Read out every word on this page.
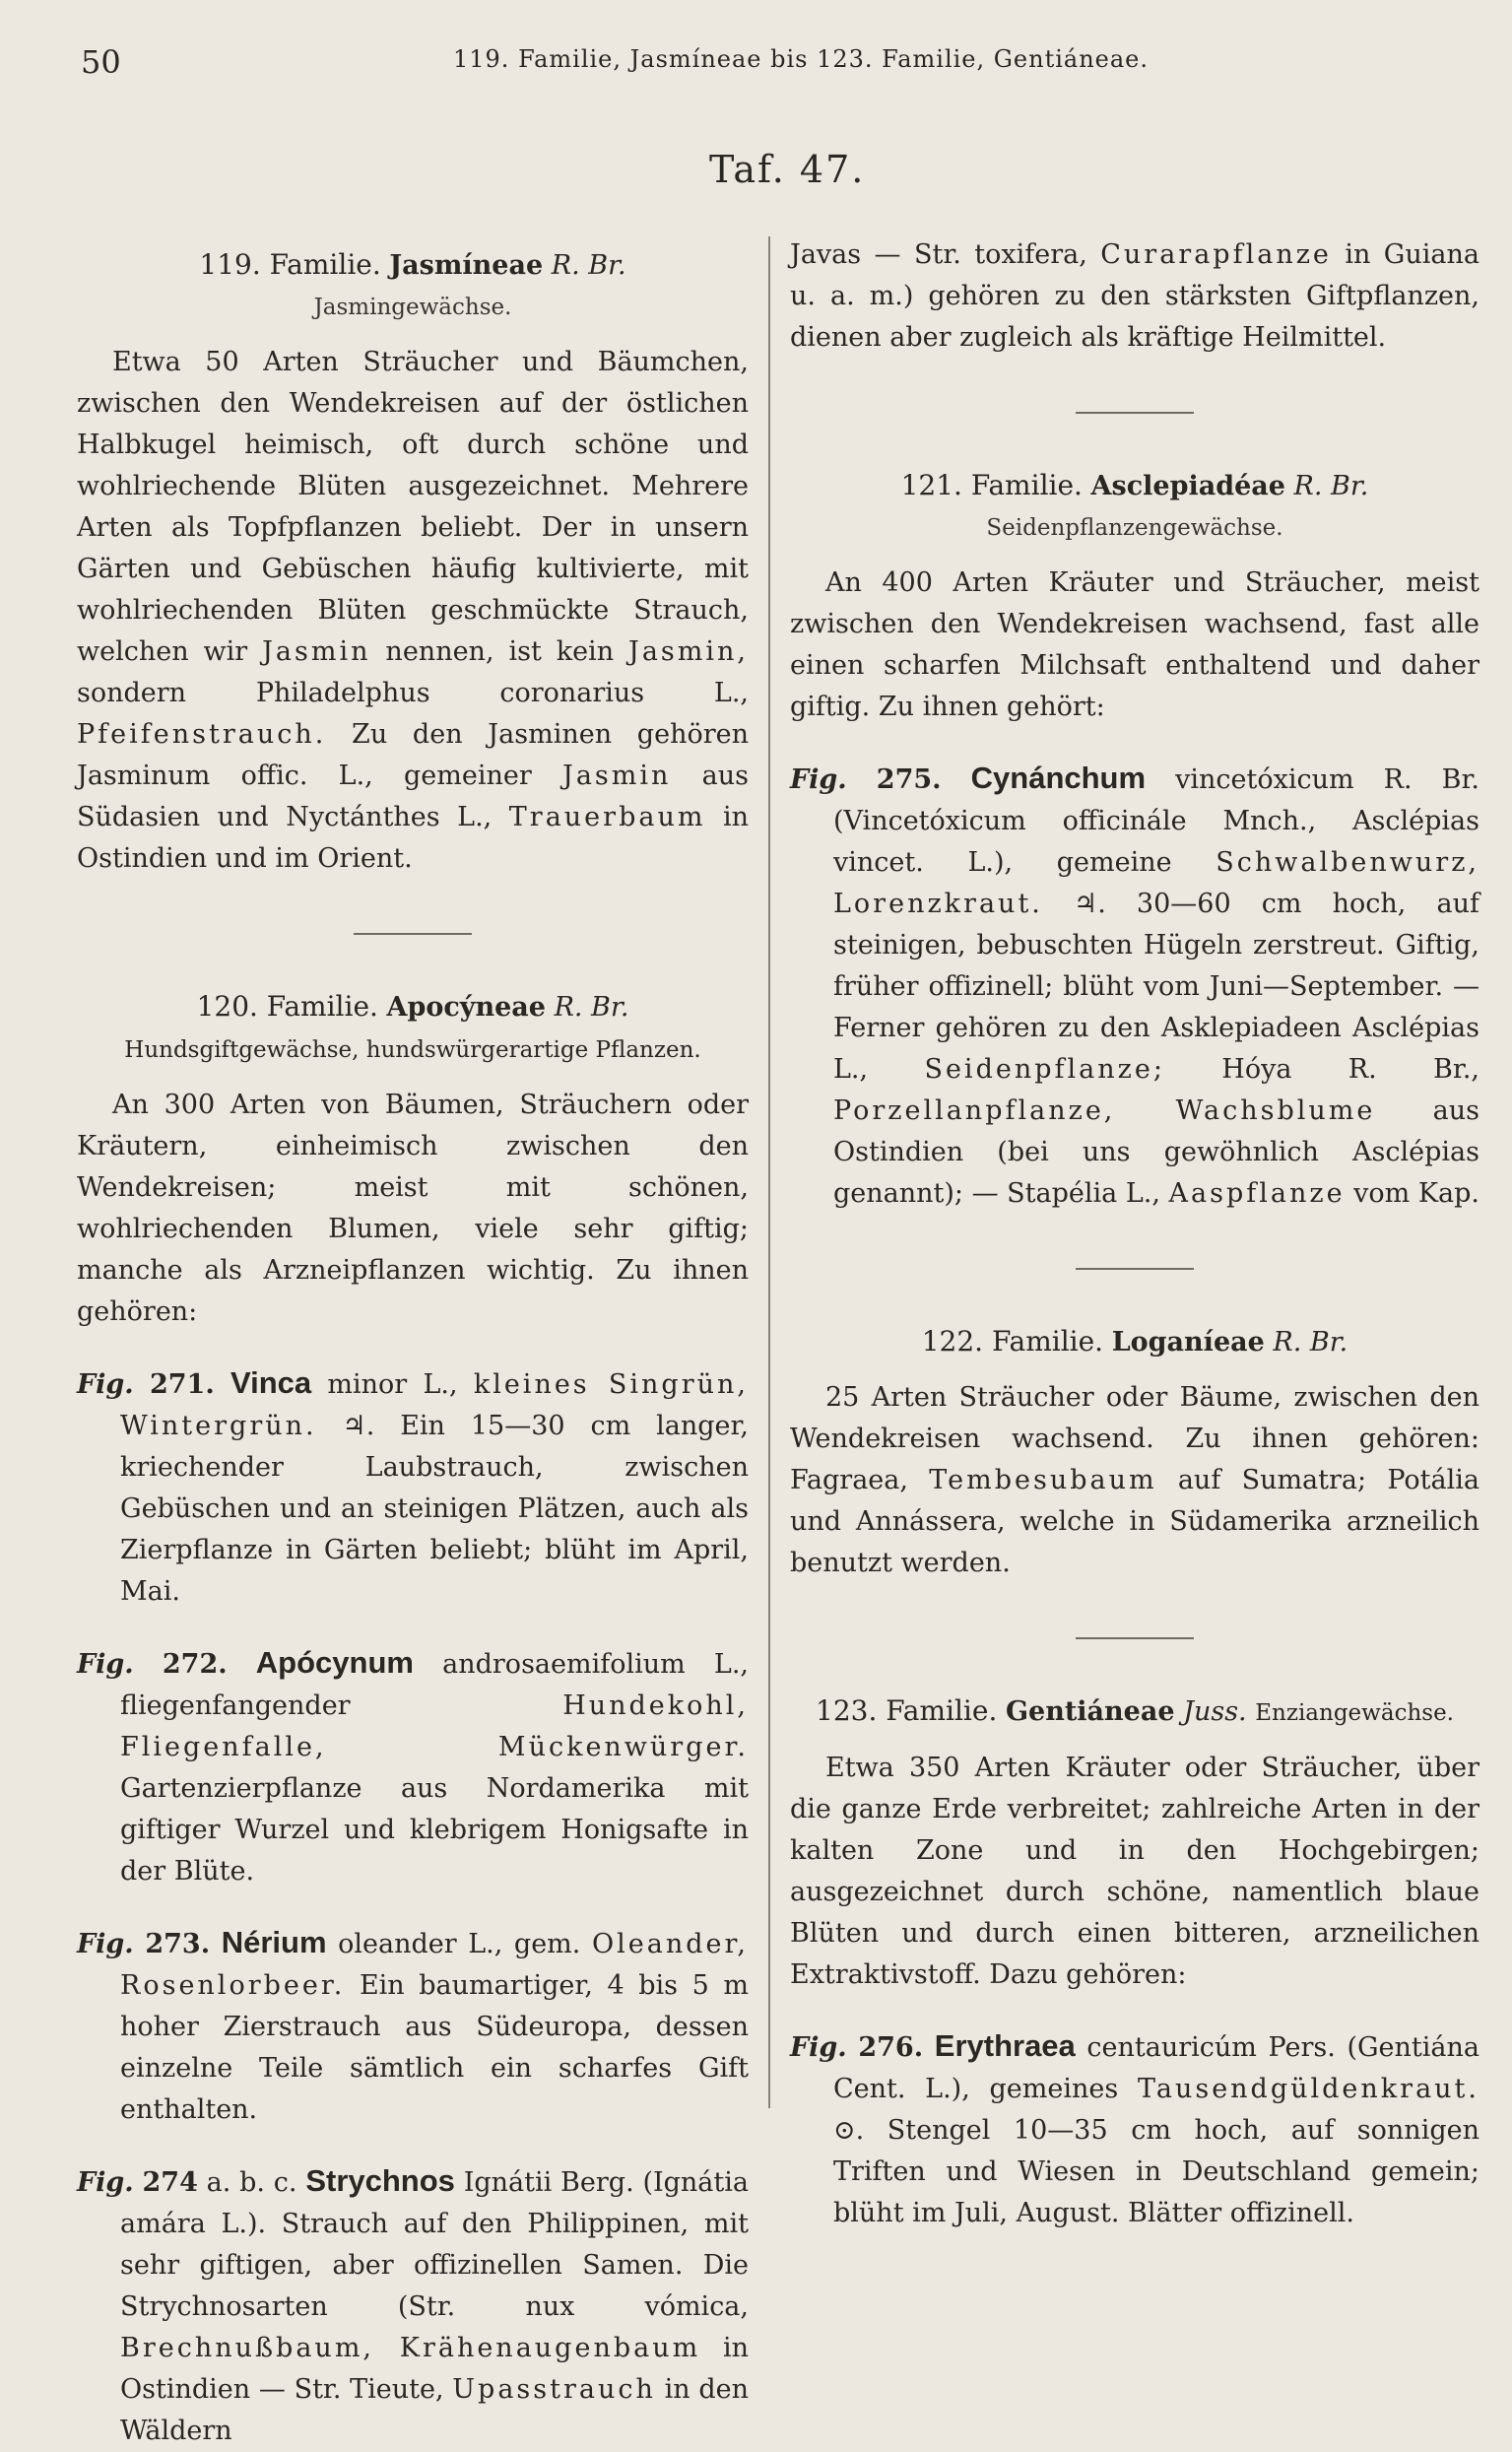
50	119. Familie, Jasmíneae bis 123. Familie, Gentiáneae.
Taf. 47.
119. Familie. Jasmíneae R. Br.
Jasmingewächse.

Etwa 50 Arten Sträucher und Bäumchen, zwischen den Wendekreisen auf der östlichen Halbkugel heimisch, oft durch schöne und wohlriechende Blüten ausgezeichnet. Mehrere Arten als Topfpflanzen beliebt. Der in unsern Gärten und Gebüschen häufig kultivierte, mit wohlriechenden Blüten geschmückte Strauch, welchen wir Jasmin nennen, ist kein Jasmin, sondern Philadelphus coronarius L., Pfeifenstrauch. Zu den Jasminen gehören Jasminum offic. L., gemeiner Jasmin aus Südasien und Nyctánthes L., Trauerbaum in Ostindien und im Orient.

120. Familie. Apocýneae R. Br. Hundsgiftgewächse, hundswürgerartige Pflanzen.

An 300 Arten von Bäumen, Sträuchern oder Kräutern, einheimisch zwischen den Wendekreisen; meist mit schönen, wohlriechenden Blumen, viele sehr giftig; manche als Arzneipflanzen wichtig. Zu ihnen gehören:

Fig. 271. Vinca minor L., kleines Singrün, Wintergrün. ♃. Ein 15—30 cm langer, kriechender Laubstrauch, zwischen Gebüschen und an steinigen Plätzen, auch als Zierpflanze in Gärten beliebt; blüht im April, Mai.

Fig. 272. Apócynum androsaemifolium L., fliegenfangender Hundekohl, Fliegenfalle, Mückenwürger. Gartenzierpflanze aus Nordamerika mit giftiger Wurzel und klebrigem Honigsafte in der Blüte.

Fig. 273. Nérium oleander L., gem. Oleander, Rosenlorbeer. Ein baumartiger, 4 bis 5 m hoher Zierstrauch aus Südeuropa, dessen einzelne Teile sämtlich ein scharfes Gift enthalten.

Fig. 274 a. b. c. Strychnos Ignátii Berg. (Ignátia amára L.). Strauch auf den Philippinen, mit sehr giftigen, aber offizinellen Samen. Die Strychnosarten (Str. nux vómica, Brechnußbaum, Krähenaugenbaum in Ostindien — Str. Tieute, Upasstrauch in den Wäldern

Javas — Str. toxifera, Curarapflanze in Guiana u. a. m.) gehören zu den stärksten Giftpflanzen, dienen aber zugleich als kräftige Heilmittel.

121. Familie. Asclepiadéae R. Br.
Seidenpflanzengewächse.

An 400 Arten Kräuter und Sträucher, meist zwischen den Wendekreisen wachsend, fast alle einen scharfen Milchsaft enthaltend und daher giftig. Zu ihnen gehört:

Fig. 275. Cynánchum vincetóxicum R. Br. (Vincetóxicum officinále Mnch., Asclépias vincet. L.), gemeine Schwalbenwurz, Lorenzkraut. ♃. 30—60 cm hoch, auf steinigen, bebuschten Hügeln zerstreut. Giftig, früher offizinell; blüht vom Juni—September. — Ferner gehören zu den Asklepiadeen Asclépias L., Seidenpflanze; Hóya R. Br., Porzellanpflanze, Wachsblume aus Ostindien (bei uns gewöhnlich Asclépias genannt); — Stapélia L., Aaspflanze vom Kap.

122. Familie. Loganíeae R. Br.

25 Arten Sträucher oder Bäume, zwischen den Wendekreisen wachsend. Zu ihnen gehören: Fagraea, Tembesubaum auf Sumatra; Potália und Annássera, welche in Südamerika arzneilich benutzt werden.

123. Familie. Gentiáneae Juss. Enziangewächse.

Etwa 350 Arten Kräuter oder Sträucher, über die ganze Erde verbreitet; zahlreiche Arten in der kalten Zone und in den Hochgebirgen; ausgezeichnet durch schöne, namentlich blaue Blüten und durch einen bitteren, arzneilichen Extraktivstoff. Dazu gehören:

Fig. 276. Erythraea centauricúm Pers. (Gentiána Cent. L.), gemeines Tausendgüldenkraut. ⊙. Stengel 10—35 cm hoch, auf sonnigen Triften und Wiesen in Deutschland gemein; blüht im Juli, August. Blätter offizinell.
